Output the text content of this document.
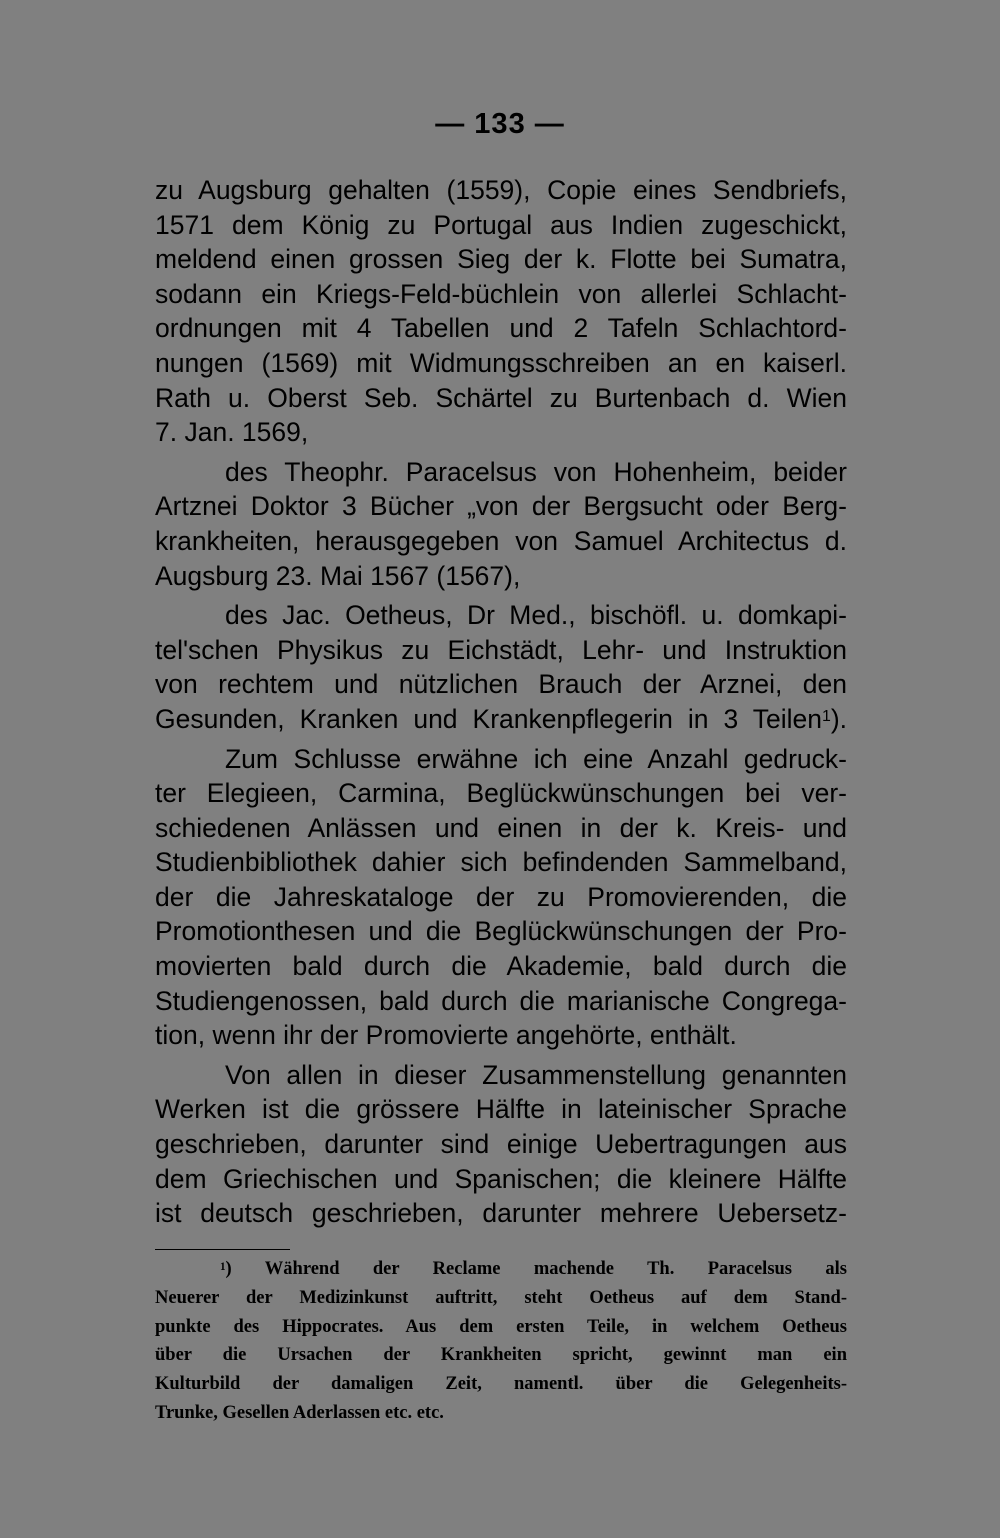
— 133 —
zu Augsburg gehalten (1559), Copie eines Sendbriefs,
1571 dem König zu Portugal aus Indien zugeschickt,
meldend einen grossen Sieg der k. Flotte bei Sumatra,
sodann ein Kriegs-Feld-büchlein von allerlei Schlacht-
ordnungen mit 4 Tabellen und 2 Tafeln Schlachtord-
nungen (1569) mit Widmungsschreiben an en kaiserl.
Rath u. Oberst Seb. Schärtel zu Burtenbach d. Wien
7. Jan. 1569,
des Theophr. Paracelsus von Hohenheim, beider
Artznei Doktor 3 Bücher „von der Bergsucht oder Berg-
krankheiten, herausgegeben von Samuel Architectus d.
Augsburg 23. Mai 1567 (1567),
des Jac. Oetheus, Dr Med., bischöfl. u. domkapi-
tel'schen Physikus zu Eichstädt, Lehr- und Instruktion
von rechtem und nützlichen Brauch der Arznei, den
Gesunden, Kranken und Krankenpflegerin in 3 Teilen$^1$).
Zum Schlusse erwähne ich eine Anzahl gedruck-
ter Elegieen, Carmina, Beglückwünschungen bei ver-
schiedenen Anlässen und einen in der k. Kreis- und
Studienbibliothek dahier sich befindenden Sammelband,
der die Jahreskataloge der zu Promovierenden, die
Promotionthesen und die Beglückwünschungen der Pro-
movierten bald durch die Akademie, bald durch die
Studiengenossen, bald durch die marianische Congrega-
tion, wenn ihr der Promovierte angehörte, enthält.
Von allen in dieser Zusammenstellung genannten
Werken ist die grössere Hälfte in lateinischer Sprache
geschrieben, darunter sind einige Uebertragungen aus
dem Griechischen und Spanischen; die kleinere Hälfte
ist deutsch geschrieben, darunter mehrere Uebersetz-
$^1$) Während der Reclame machende Th. Paracelsus als
Neuerer der Medizinkunst auftritt, steht Oetheus auf dem Stand-
punkte des Hippocrates. Aus dem ersten Teile, in welchem Oetheus
über die Ursachen der Krankheiten spricht, gewinnt man ein
Kulturbild der damaligen Zeit, namentl. über die Gelegenheits-
Trunke, Gesellen Aderlassen etc. etc.
